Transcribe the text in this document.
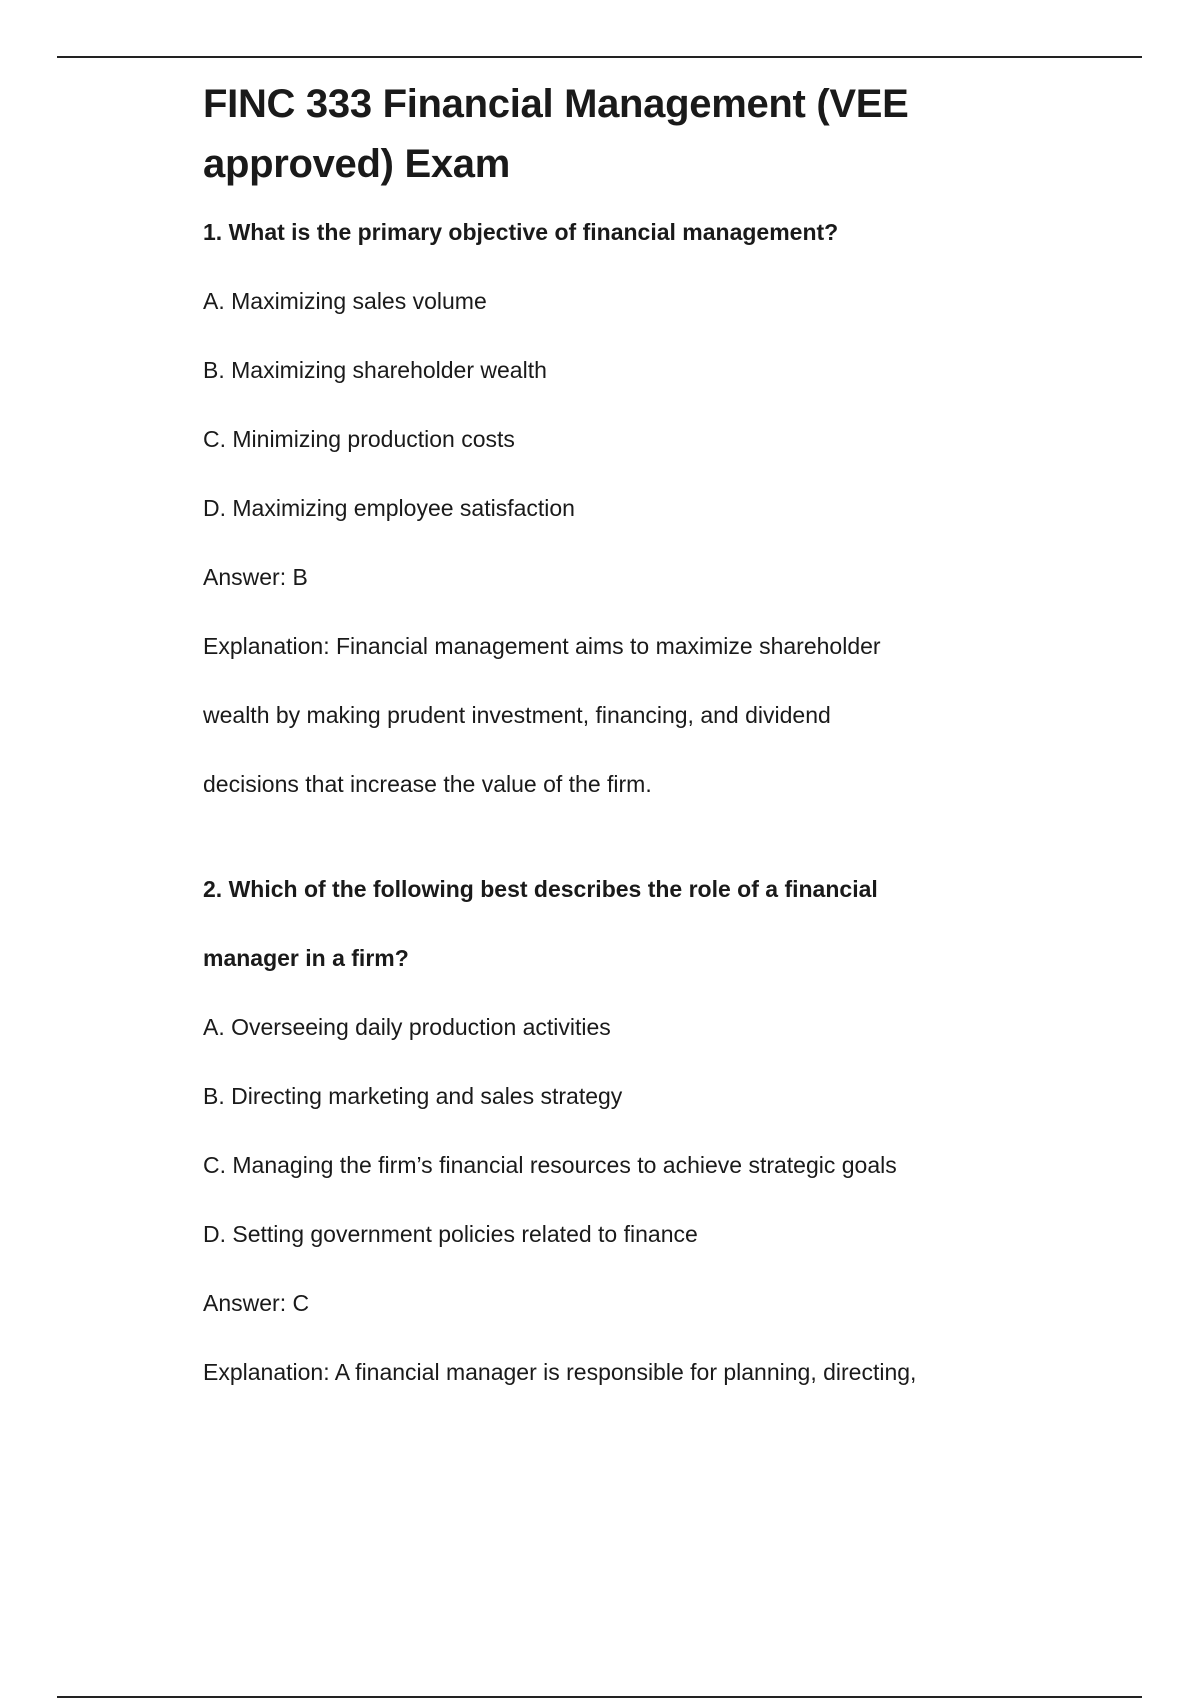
FINC 333 Financial Management (VEE approved) Exam

1. What is the primary objective of financial management?

A. Maximizing sales volume

B. Maximizing shareholder wealth

C. Minimizing production costs

D. Maximizing employee satisfaction

Answer: B

Explanation: Financial management aims to maximize shareholder

wealth by making prudent investment, financing, and dividend

decisions that increase the value of the firm.

2. Which of the following best describes the role of a financial

manager in a firm?

A. Overseeing daily production activities

B. Directing marketing and sales strategy

C. Managing the firm’s financial resources to achieve strategic goals

D. Setting government policies related to finance

Answer: C

Explanation: A financial manager is responsible for planning, directing,
